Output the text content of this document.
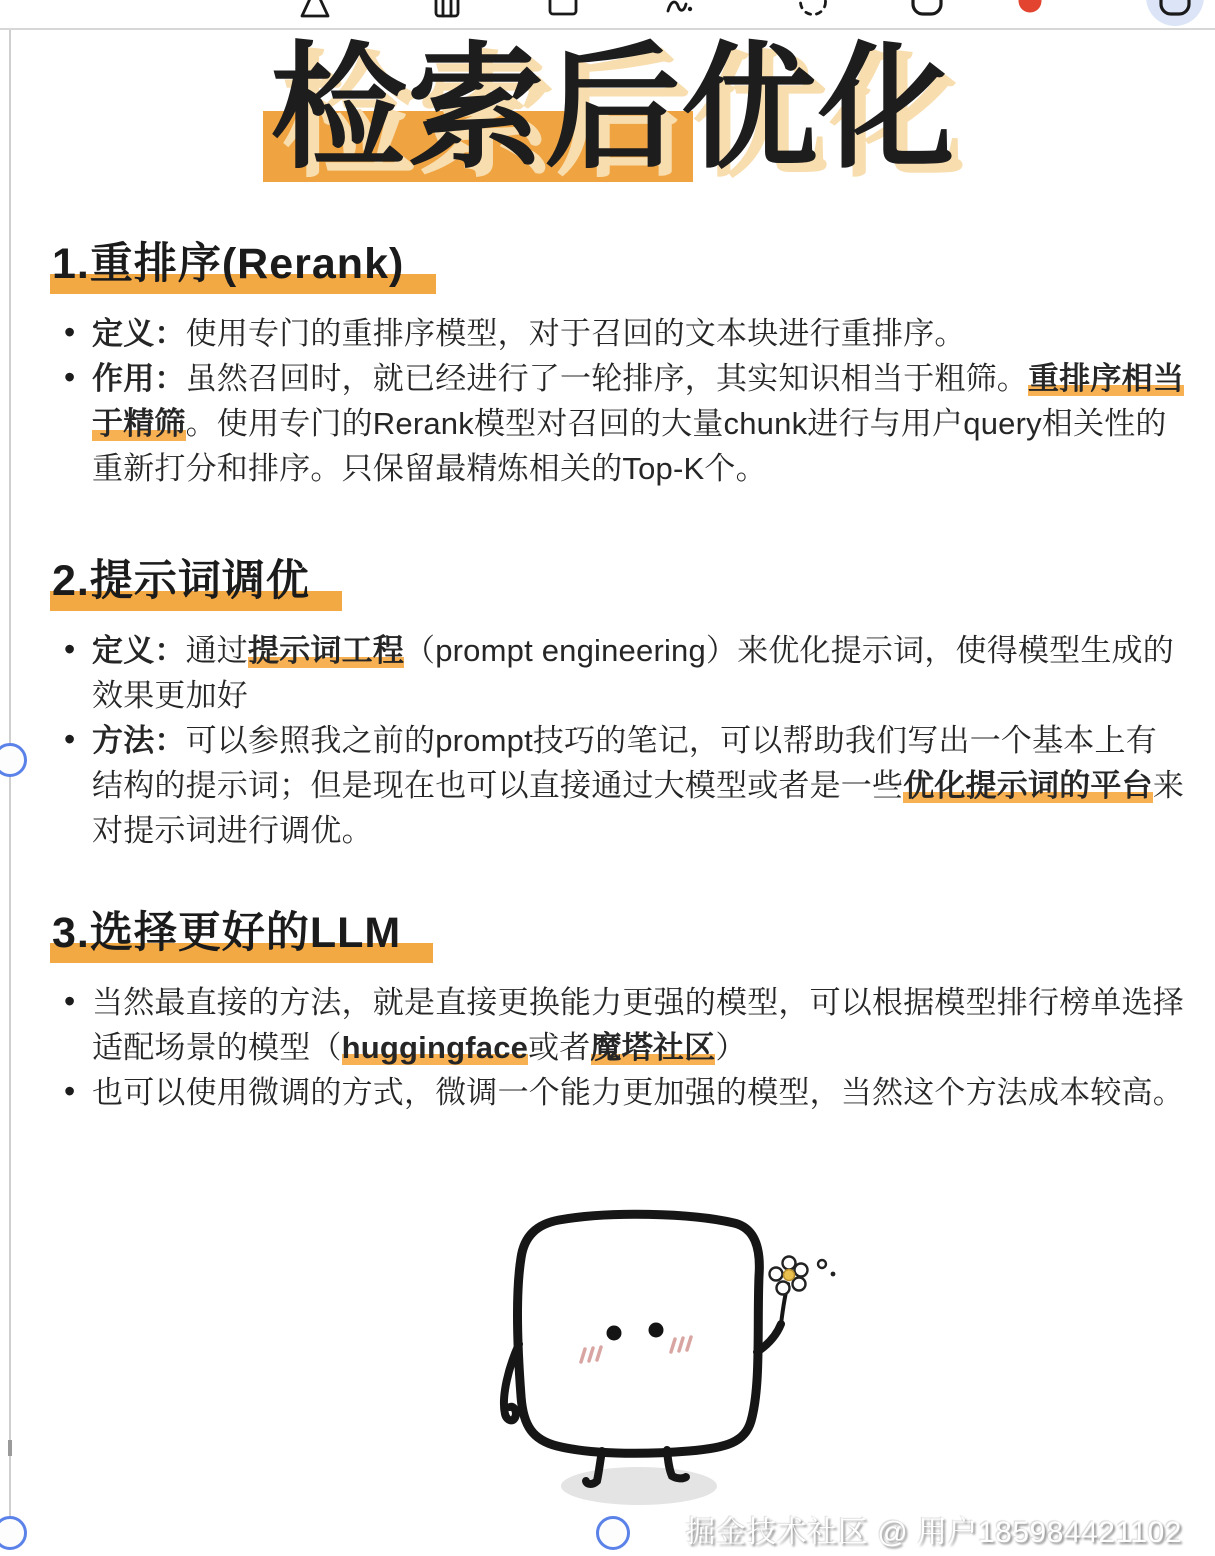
检索后优化
1.重排序(Rerank)
• 定义：使用专门的重排序模型，对于召回的文本块进行重排序。
• 作用：虽然召回时，就已经进行了一轮排序，其实知识相当于粗筛。重排序相当于精筛。使用专门的Rerank模型对召回的大量chunk进行与用户query相关性的重新打分和排序。只保留最精炼相关的Top-K个。
2.提示词调优
• 定义：通过提示词工程（prompt engineering）来优化提示词，使得模型生成的效果更加好
• 方法：可以参照我之前的prompt技巧的笔记，可以帮助我们写出一个基本上有结构的提示词；但是现在也可以直接通过大模型或者是一些优化提示词的平台来对提示词进行调优。
3.选择更好的LLM
• 当然最直接的方法，就是直接更换能力更强的模型，可以根据模型排行榜单选择适配场景的模型（huggingface或者魔塔社区）
• 也可以使用微调的方式，微调一个能力更加强的模型，当然这个方法成本较高。
掘金技术社区 @ 用户185984421102
